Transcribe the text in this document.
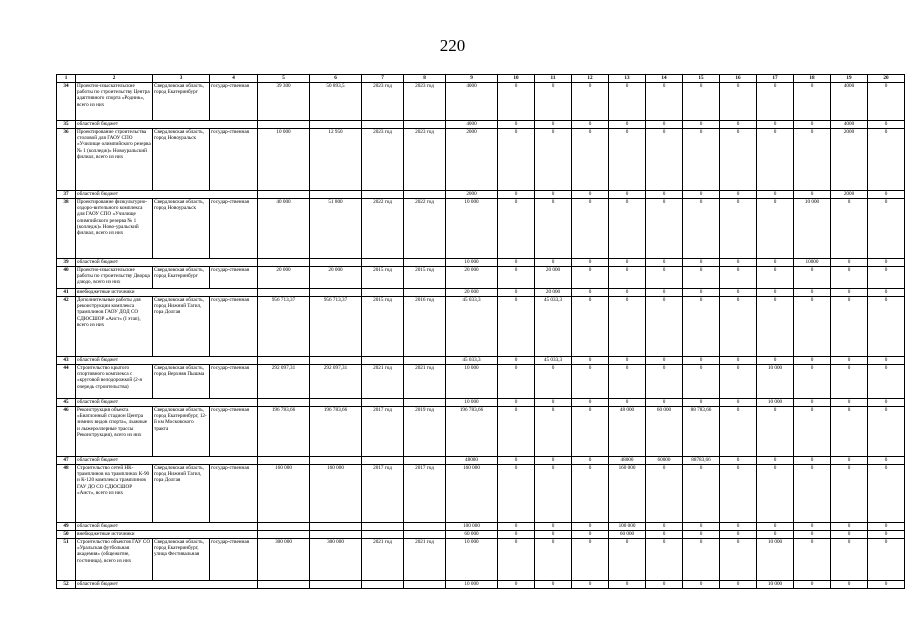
220
1	2	3	4	5	6	7	8	9	10	11	12	13	14	15	16	17	18	19	20
34	Проектно-изыскательские работы по строительству Центра адаптивного спорта «Родник», всего из них	Свердловская область, город Екатеринбург	государ-ственная	39 300	50 893,5	2023 год	2023 год	4000	0	0	0	0	0	0	0	0	0	4000	0
35	областной бюджет							4000	0	0	0	0	0	0	0	0	0	4000	0
36	Проектирование строительства столовой для ГАОУ СПО «Училище олимпийского резерва № 1 (колледж)» Новоуральский филиал, всего из них	Свердловская область, город Новоуральск	государ-ственная	10 000	12 950	2023 год	2023 год	2000	0	0	0	0	0	0	0	0	0	2000	0
37	областной бюджет							2000	0	0	0	0	0	0	0	0	0	2000	0
38	Проектирование физкультурно-оздоро-вительного комплекса для ГАОУ СПО «Училище олимпийского резерва № 1 (колледж)» Ново-уральский филиал, всего из них	Свердловская область, город Новоуральск	государ-ственная	40 000	51 800	2022 год	2022 год	10 000	0	0	0	0	0	0	0	0	10 000	0	0
39	областной бюджет							10 000	0	0	0	0	0	0	0	0	10000	0	0
40	Проектно-изыскательские работы по строительству Дворца дзюдо, всего из них	Свердловская область, город Екатеринбург	государ-ственная	20 000	20 000	2015 год	2015 год	20 000	0	20 000	0	0	0	0	0	0	0	0	0
41	внебюджетные источники							20 000	0	20 000	0	0	0	0	0	0	0	0	0
42	Дополнительные работы для реконструкции комплекса трамплинов ГАОУ ДОД СО СДЮСШОР «Аист» (I этап), всего из них	Свердловская область, город Нижний Тагил, гора Долгая	государ-ственная	956 713,37	956 713,37	2015 год	2016 год	45 033,3	0	45 033,3	0	0	0	0	0	0	0	0	0
43	областной бюджет							45 033,3	0	45 033,3	0	0	0	0	0	0	0	0	0
44	Строительство крытого спортивного комплекса с «круговой велодорожкой (2-я очередь строительства)	Свердловская область, город Верхняя Пышма	государ-ственная	292 097,31	292 097,31	2021 год	2021 год	10 000	0	0	0	0	0	0	0	10 000	0	0	0
45	областной бюджет							10 000	0	0	0	0	0	0	0	10 000	0	0	0
46	Реконструкция объекта «Биатлонный стадион Центра зимних видов спорта», лыжные и лыжероллерные трассы Реконструкция), всего из них	Свердловская область, город Екатеринбург, 12-й км Московского тракта	государ-ственная	196 783,66	196 783,66	2017 год	2019 год	196 783,66	0	0	0	48 000	60 000	88 783,66	0	0	0	0	0
47	областной бюджет							48000	0	0	0	48000	60000	88783,66	0	0	0	0	0
48	Строительство сетей НК-трамплинов на трамплинах К-90 и К-120 комплекса трамплинов ГАУ ДО СО СДЮСШОР «Аист», всего из них	Свердловская область, город Нижний Тагил, гора Долгая	государ-ственная	160 000	160 000	2017 год	2017 год	160 000	0	0	0	160 000	0	0	0	0	0	0	0
49	областной бюджет							100 000	0	0	0	100 000	0	0	0	0	0	0	0
50	внебюджетные источники							60 000	0	0	0	60 000	0	0	0	0	0	0	0
51	Строительство объектов ГАУ СО «Уральская футбольная академия» (общежитие, гостиница), всего из них	Свердловская область, город Екатеринбург, улица Фестивальная	государ-ственная	300 000	300 000	2021 год	2021 год	10 000	0	0	0	0	0	0	0	10 000	0	0	0
52	областной бюджет							10 000	0	0	0	0	0	0	0	10 000	0	0	0
